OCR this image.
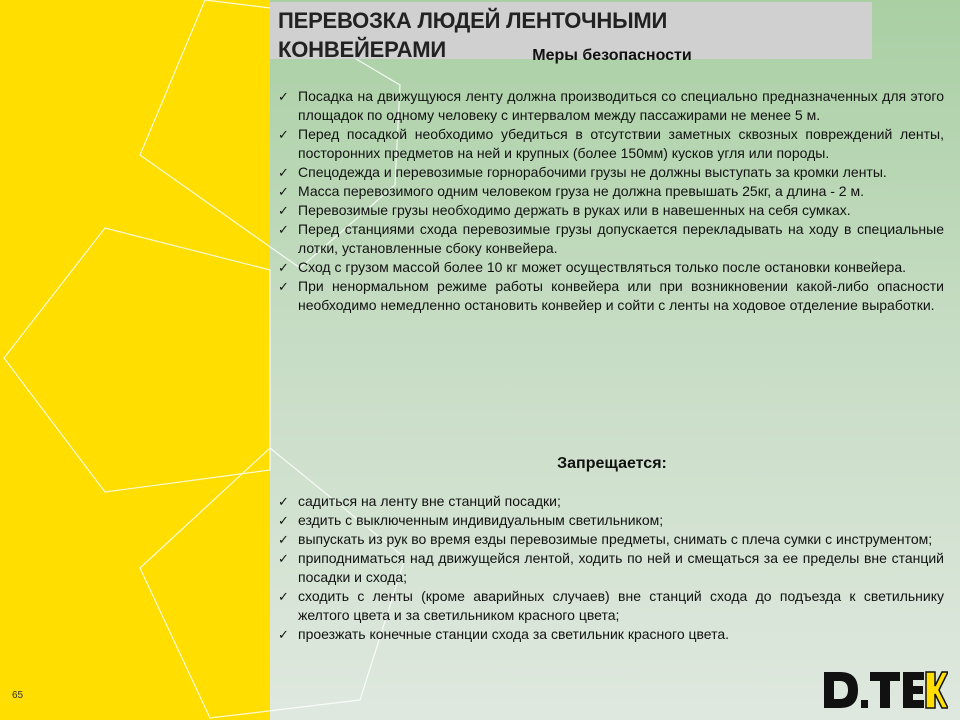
ПЕРЕВОЗКА ЛЮДЕЙ ЛЕНТОЧНЫМИ КОНВЕЙЕРАМИ	Меры безопасности
✓ Посадка на движущуюся ленту должна производиться со специально предназначенных для этого площадок по одному человеку с интервалом между пассажирами не менее 5 м.
✓ Перед посадкой необходимо убедиться в отсутствии заметных сквозных повреждений ленты, посторонних предметов на ней и крупных (более 150мм) кусков угля или породы.
✓ Спецодежда и перевозимые горнорабочими грузы не должны выступать за кромки ленты.
✓ Масса перевозимого одним человеком груза не должна превышать 25кг, а длина - 2 м.
✓ Перевозимые грузы необходимо держать в руках или в навешенных на себя сумках.
✓ Перед станциями схода перевозимые грузы допускается перекладывать на ходу в специальные лотки, установленные сбоку конвейера.
✓ Сход с грузом массой более 10 кг может осуществляться только после остановки конвейера.
✓ При ненормальном режиме работы конвейера или при возникновении какой-либо опасности необходимо немедленно остановить конвейер и сойти с ленты на ходовое отделение выработки.
Запрещается:
✓ садиться на ленту вне станций посадки;
✓ ездить с выключенным индивидуальным светильником;
✓ выпускать из рук во время езды перевозимые предметы, снимать с плеча сумки с инструментом;
✓ приподниматься над движущейся лентой, ходить по ней и смещаться за ее пределы вне станций посадки и схода;
✓ сходить с ленты (кроме аварийных случаев) вне станций схода до подъезда к светильнику желтого цвета и за светильником красного цвета;
✓ проезжать конечные станции схода за светильник красного цвета.
65
